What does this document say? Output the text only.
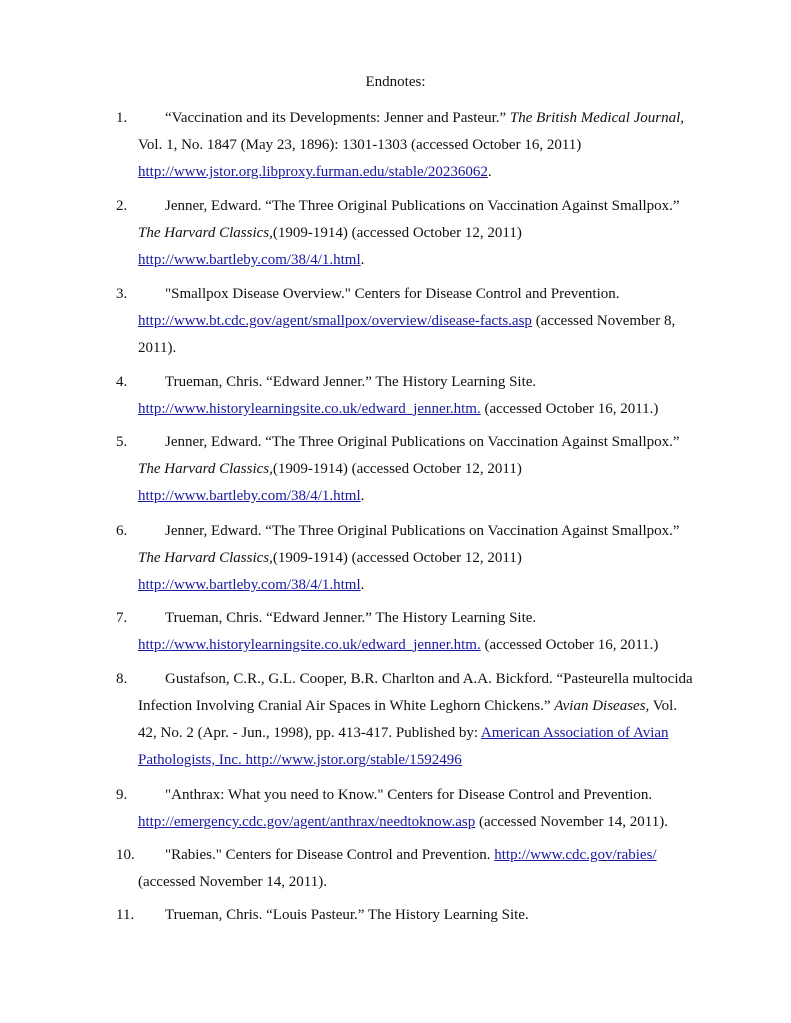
Endnotes:
1.	“Vaccination and its Developments: Jenner and Pasteur.” The British Medical Journal,
Vol. 1, No. 1847 (May 23, 1896): 1301-1303 (accessed October 16, 2011)
http://www.jstor.org.libproxy.furman.edu/stable/20236062.
2.	Jenner, Edward. “The Three Original Publications on Vaccination Against Smallpox.”
The Harvard Classics,(1909-1914) (accessed October 12, 2011)
http://www.bartleby.com/38/4/1.html.
3.	"Smallpox Disease Overview." Centers for Disease Control and Prevention.
http://www.bt.cdc.gov/agent/smallpox/overview/disease-facts.asp (accessed November 8,
2011).
4.	Trueman, Chris. “Edward Jenner.” The History Learning Site.
http://www.historylearningsite.co.uk/edward_jenner.htm. (accessed October 16, 2011.)
5.	Jenner, Edward. “The Three Original Publications on Vaccination Against Smallpox.”
The Harvard Classics,(1909-1914) (accessed October 12, 2011)
http://www.bartleby.com/38/4/1.html.
6.	Jenner, Edward. “The Three Original Publications on Vaccination Against Smallpox.”
The Harvard Classics,(1909-1914) (accessed October 12, 2011)
http://www.bartleby.com/38/4/1.html.
7.	Trueman, Chris. “Edward Jenner.” The History Learning Site.
http://www.historylearningsite.co.uk/edward_jenner.htm. (accessed October 16, 2011.)
8.	Gustafson, C.R., G.L. Cooper, B.R. Charlton and A.A. Bickford. “Pasteurella multocida
Infection Involving Cranial Air Spaces in White Leghorn Chickens.” Avian Diseases, Vol.
42, No. 2 (Apr. - Jun., 1998), pp. 413-417. Published by: American Association of Avian
Pathologists, Inc. http://www.jstor.org/stable/1592496
9.	"Anthrax: What you need to Know." Centers for Disease Control and Prevention.
http://emergency.cdc.gov/agent/anthrax/needtoknow.asp (accessed November 14, 2011).
10.	"Rabies." Centers for Disease Control and Prevention. http://www.cdc.gov/rabies/
(accessed November 14, 2011).
11.	Trueman, Chris. “Louis Pasteur.” The History Learning Site.
